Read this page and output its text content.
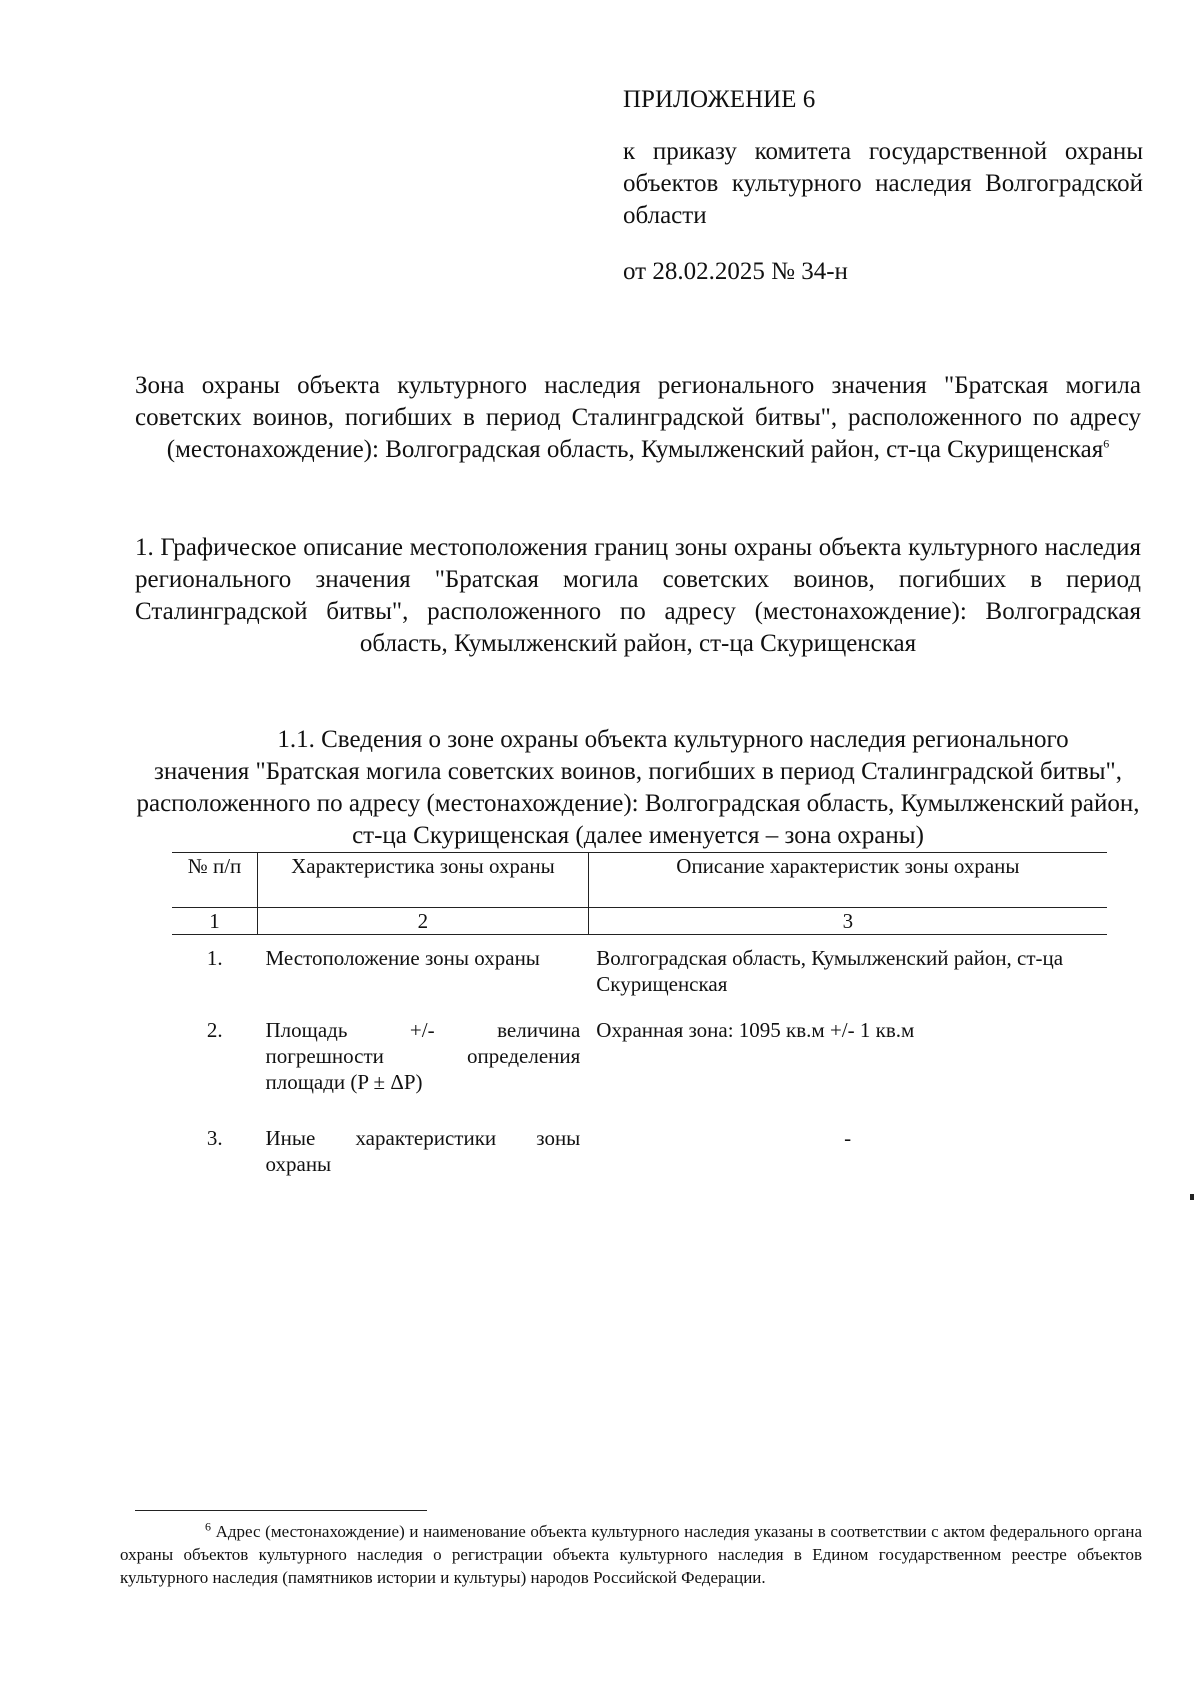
ПРИЛОЖЕНИЕ 6
к приказу комитета государственной охраны объектов культурного наследия Волгоградской области
от 28.02.2025 № 34-н
Зона охраны объекта культурного наследия регионального значения "Братская могила советских воинов, погибших в период Сталинградской битвы", расположенного по адресу (местонахождение): Волгоградская область, Кумылженский район, ст-ца Скурищенская$^6$
1. Графическое описание местоположения границ зоны охраны объекта культурного наследия регионального значения "Братская могила советских воинов, погибших в период Сталинградской битвы", расположенного по адресу (местонахождение): Волгоградская область, Кумылженский район, ст-ца Скурищенская
1.1. Сведения о зоне охраны объекта культурного наследия регионального
значения "Братская могила советских воинов, погибших в период Сталинградской битвы", расположенного по адресу (местонахождение): Волгоградская область, Кумылженский район, ст-ца Скурищенская (далее именуется – зона охраны)
№ п/п	Характеристика зоны охраны	Описание характеристик зоны охраны
1	2	3
1.	Местоположение зоны охраны	Волгоградская область, Кумылженский район, ст-ца Скурищенская
2.	Площадь +/- величина погрешности определения площади (P ± ΔP)	Охранная зона: 1095 кв.м +/- 1 кв.м
3.	Иные характеристики зоны охраны	-
$^6$ Адрес (местонахождение) и наименование объекта культурного наследия указаны в соответствии с актом федерального органа охраны объектов культурного наследия о регистрации объекта культурного наследия в Едином государственном реестре объектов культурного наследия (памятников истории и культуры) народов Российской Федерации.
